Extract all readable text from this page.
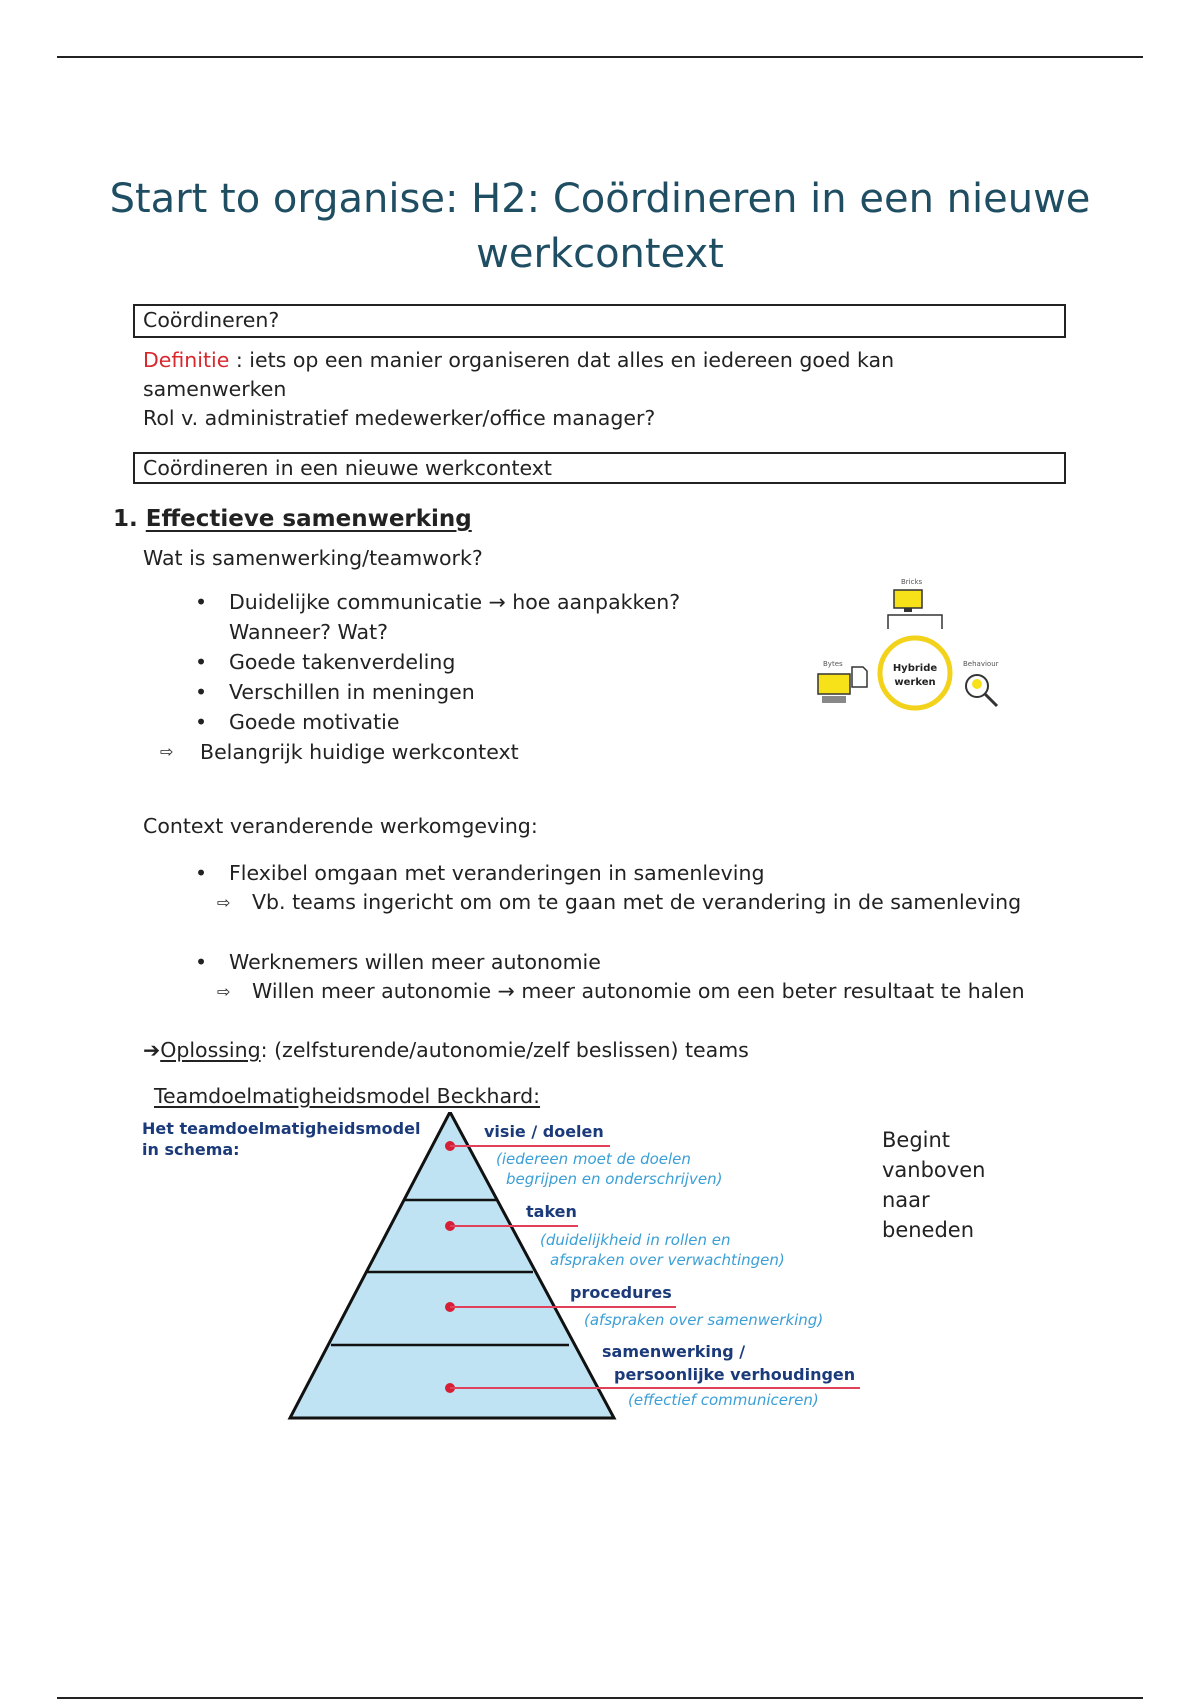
Start to organise: H2: Coördineren in een nieuwe werkcontext
Coördineren?
Definitie : iets op een manier organiseren dat alles en iedereen goed kan samenwerken
Rol v. administratief medewerker/office manager?
Coördineren in een nieuwe werkcontext
1. Effectieve samenwerking
Wat is samenwerking/teamwork?
• Duidelijke communicatie → hoe aanpakken? Wanneer? Wat?
• Goede takenverdeling
• Verschillen in meningen
• Goede motivatie
⇨ Belangrijk huidige werkcontext
Bricks
Hybride
werken
Bytes	Behaviour
Context veranderende werkomgeving:
• Flexibel omgaan met veranderingen in samenleving
⇨ Vb. teams ingericht om om te gaan met de verandering in de samenleving
• Werknemers willen meer autonomie
⇨ Willen meer autonomie → meer autonomie om een beter resultaat te halen
➔Oplossing: (zelfsturende/autonomie/zelf beslissen) teams
Teamdoelmatigheidsmodel Beckhard:
Het teamdoelmatigheidsmodel
in schema:
visie / doelen
(iedereen moet de doelen
begrijpen en onderschrijven)
taken
(duidelijkheid in rollen en
afspraken over verwachtingen)
procedures
(afspraken over samenwerking)
samenwerking /
persoonlijke verhoudingen
(effectief communiceren)
Begint vanboven naar beneden
